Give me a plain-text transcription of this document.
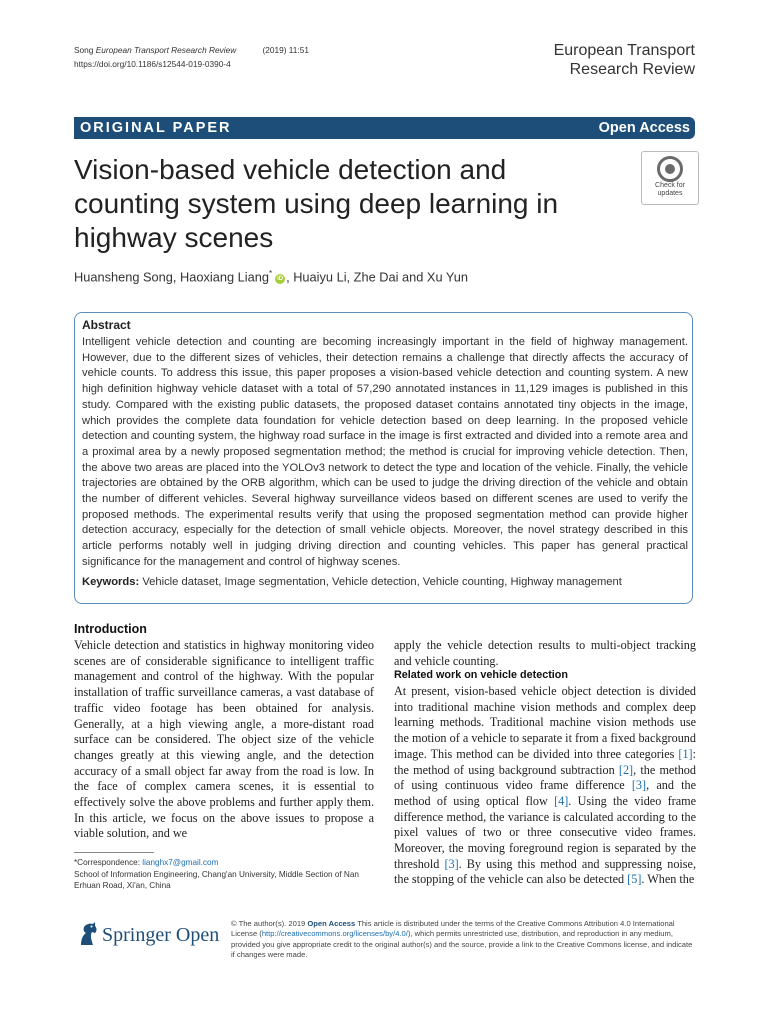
Song European Transport Research Review	(2019) 11:51
https://doi.org/10.1186/s12544-019-0390-4
European Transport
Research Review
ORIGINAL PAPER	Open Access
Vision-based vehicle detection and counting system using deep learning in highway scenes
Check for
updates
Huansheng Song, Haoxiang Liang*iD , Huaiyu Li, Zhe Dai and Xu Yun
Abstract

Intelligent vehicle detection and counting are becoming increasingly important in the field of highway management. However, due to the different sizes of vehicles, their detection remains a challenge that directly affects the accuracy of vehicle counts. To address this issue, this paper proposes a vision-based vehicle detection and counting system. A new high definition highway vehicle dataset with a total of 57,290 annotated instances in 11,129 images is published in this study. Compared with the existing public datasets, the proposed dataset contains annotated tiny objects in the image, which provides the complete data foundation for vehicle detection based on deep learning. In the proposed vehicle detection and counting system, the highway road surface in the image is first extracted and divided into a remote area and a proximal area by a newly proposed segmentation method; the method is crucial for improving vehicle detection. Then, the above two areas are placed into the YOLOv3 network to detect the type and location of the vehicle. Finally, the vehicle trajectories are obtained by the ORB algorithm, which can be used to judge the driving direction of the vehicle and obtain the number of different vehicles. Several highway surveillance videos based on different scenes are used to verify the proposed methods. The experimental results verify that using the proposed segmentation method can provide higher detection accuracy, especially for the detection of small vehicle objects. Moreover, the novel strategy described in this article performs notably well in judging driving direction and counting vehicles. This paper has general practical significance for the management and control of highway scenes.

Keywords: Vehicle dataset, Image segmentation, Vehicle detection, Vehicle counting, Highway management
Introduction

Vehicle detection and statistics in highway monitoring video scenes are of considerable significance to intelligent traffic management and control of the highway. With the popular installation of traffic surveillance cameras, a vast database of traffic video footage has been obtained for analysis. Generally, at a high viewing angle, a more-distant road surface can be considered. The object size of the vehicle changes greatly at this viewing angle, and the detection accuracy of a small object far away from the road is low. In the face of complex camera scenes, it is essential to effectively solve the above problems and further apply them. In this article, we focus on the above issues to propose a viable solution, and we

apply the vehicle detection results to multi-object tracking and vehicle counting.

Related work on vehicle detection

At present, vision-based vehicle object detection is divided into traditional machine vision methods and complex deep learning methods. Traditional machine vision methods use the motion of a vehicle to separate it from a fixed background image. This method can be divided into three categories [1]: the method of using background subtraction [2], the method of using continuous video frame difference [3], and the method of using optical flow [4]. Using the video frame difference method, the variance is calculated according to the pixel values of two or three consecutive video frames. Moreover, the moving foreground region is separated by the threshold [3]. By using this method and suppressing noise, the stopping of the vehicle can also be detected [5]. When the

*Correspondence: lianghx7@gmail.com
School of Information Engineering, Chang'an University, Middle Section of Nan Erhuan Road, Xi'an, China
Springer Open
© The author(s). 2019 Open Access This article is distributed under the terms of the Creative Commons Attribution 4.0 International License (http://creativecommons.org/licenses/by/4.0/), which permits unrestricted use, distribution, and reproduction in any medium, provided you give appropriate credit to the original author(s) and the source, provide a link to the Creative Commons license, and indicate if changes were made.
